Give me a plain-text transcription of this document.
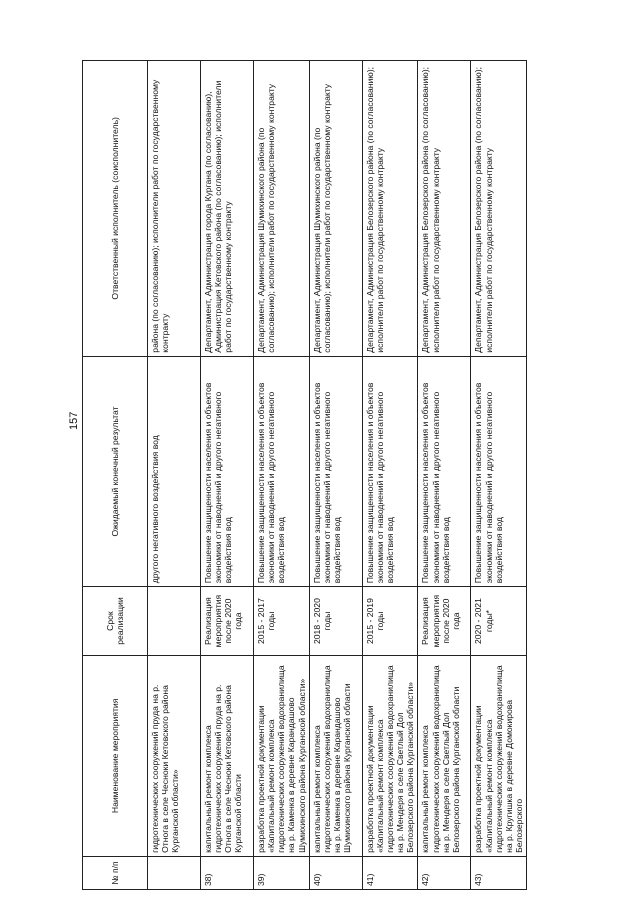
157
№ п/п	Наименование мероприятия	Срок реализации	Ожидаемый конечный результат	Ответственный исполнитель (соисполнитель)
	гидротехнических сооружений пруда на р. Отнога в селе Чесноки Кетовского района Курганской области»		другого негативного воздействия вод	района (по согласованию); исполнители работ по государственному контракту
38)	капитальный ремонт комплекса гидротехнических сооружений пруда на р. Отнога в селе Чесноки Кетовского района Курганской области	Реализация мероприятия после 2020 года	Повышение защищенности населения и объектов экономики от наводнений и другого негативного воздействия вод	Департамент, Администрация города Кургана (по согласованию), Администрация Кетовского района (по согласованию); исполнители работ по государственному контракту
39)	разработка проектной документации «Капитальный ремонт комплекса гидротехнических сооружений водохранилища на р. Каменка в деревне Карандашово Шумихинского района Курганской области»	2015 - 2017 годы	Повышение защищенности населения и объектов экономики от наводнений и другого негативного воздействия вод	Департамент, Администрация Шумихинского района (по согласованию); исполнители работ по государственному контракту
40)	капитальный ремонт комплекса гидротехнических сооружений водохранилища на р. Каменка в деревне Карандашово Шумихинского района Курганской области	2018 - 2020 годы	Повышение защищенности населения и объектов экономики от наводнений и другого негативного воздействия вод	Департамент, Администрация Шумихинского района (по согласованию); исполнители работ по государственному контракту
41)	разработка проектной документации «Капитальный ремонт комплекса гидротехнических сооружений водохранилища на р. Мендеря в селе Светлый Дол Белозерского района Курганской области»	2015 - 2019 годы	Повышение защищенности населения и объектов экономики от наводнений и другого негативного воздействия вод	Департамент, Администрация Белозерского района (по согласованию); исполнители работ по государственному контракту
42)	капитальный ремонт комплекса гидротехнических сооружений водохранилища на р. Мендеря в селе Светлый Дол Белозерского района Курганской области	Реализация мероприятия после 2020 года	Повышение защищенности населения и объектов экономики от наводнений и другого негативного воздействия вод	Департамент, Администрация Белозерского района (по согласованию); исполнители работ по государственному контракту
43)	разработка проектной документации «Капитальный ремонт комплекса гидротехнических сооружений водохранилища на р. Кругишка в деревне Домокирова Белозерского	2020 - 2021 годы*	Повышение защищенности населения и объектов экономики от наводнений и другого негативного воздействия вод	Департамент, Администрация Белозерского района (по согласованию); исполнители работ по государственному контракту
